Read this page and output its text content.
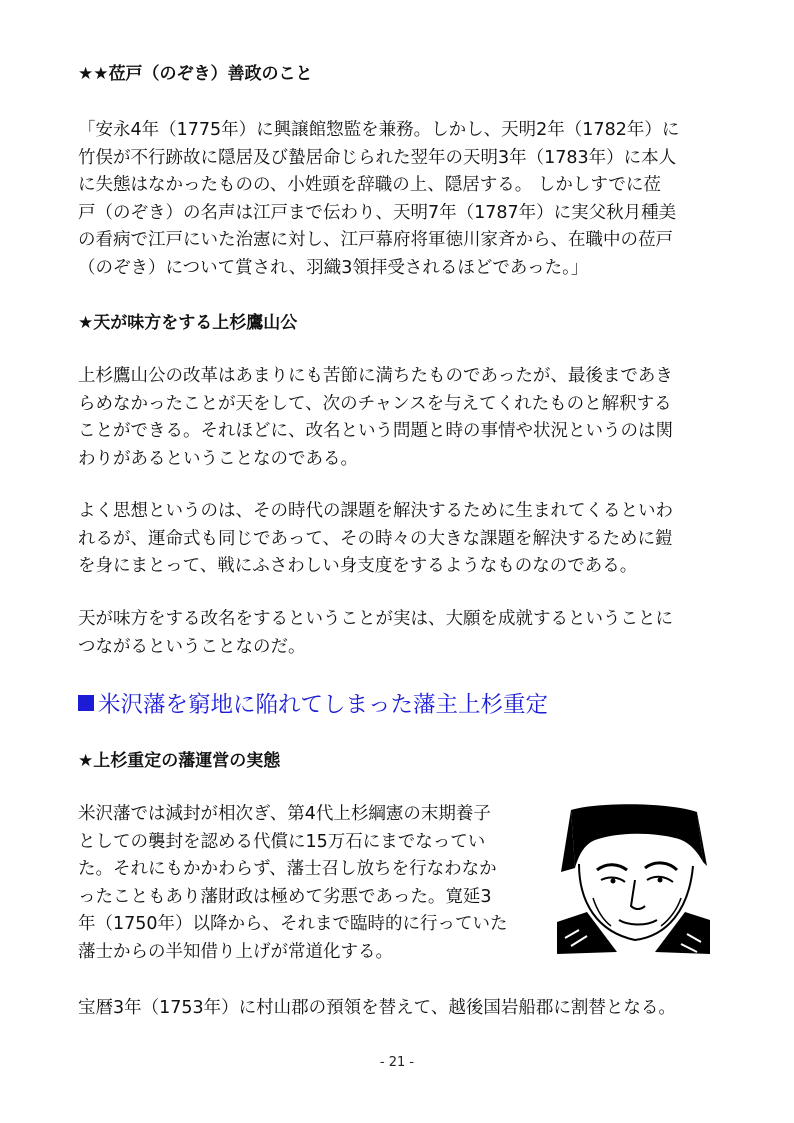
★★莅戸（のぞき）善政のこと
「安永4年（1775年）に興譲館惣監を兼務。しかし、天明2年（1782年）に
竹俣が不行跡故に隠居及び蟄居命じられた翌年の天明3年（1783年）に本人
に失態はなかったものの、小姓頭を辞職の上、隠居する。 しかしすでに莅
戸（のぞき）の名声は江戸まで伝わり、天明7年（1787年）に実父秋月種美
の看病で江戸にいた治憲に対し、江戸幕府将軍徳川家斉から、在職中の莅戸
（のぞき）について賞され、羽織3領拝受されるほどであった。」
★天が味方をする上杉鷹山公
上杉鷹山公の改革はあまりにも苦節に満ちたものであったが、最後まであき
らめなかったことが天をして、次のチャンスを与えてくれたものと解釈する
ことができる。それほどに、改名という問題と時の事情や状況というのは関
わりがあるということなのである。
よく思想というのは、その時代の課題を解決するために生まれてくるといわ
れるが、運命式も同じであって、その時々の大きな課題を解決するために鎧
を身にまとって、戦にふさわしい身支度をするようなものなのである。
天が味方をする改名をするということが実は、大願を成就するということに
つながるということなのだ。
米沢藩を窮地に陥れてしまった藩主上杉重定
★上杉重定の藩運営の実態
米沢藩では減封が相次ぎ、第4代上杉綱憲の末期養子
としての襲封を認める代償に15万石にまでなってい
た。それにもかかわらず、藩士召し放ちを行なわなか
ったこともあり藩財政は極めて劣悪であった。寛延3
年（1750年）以降から、それまで臨時的に行っていた
藩士からの半知借り上げが常道化する。
宝暦3年（1753年）に村山郡の預領を替えて、越後国岩船郡に割替となる。
- 21 -
